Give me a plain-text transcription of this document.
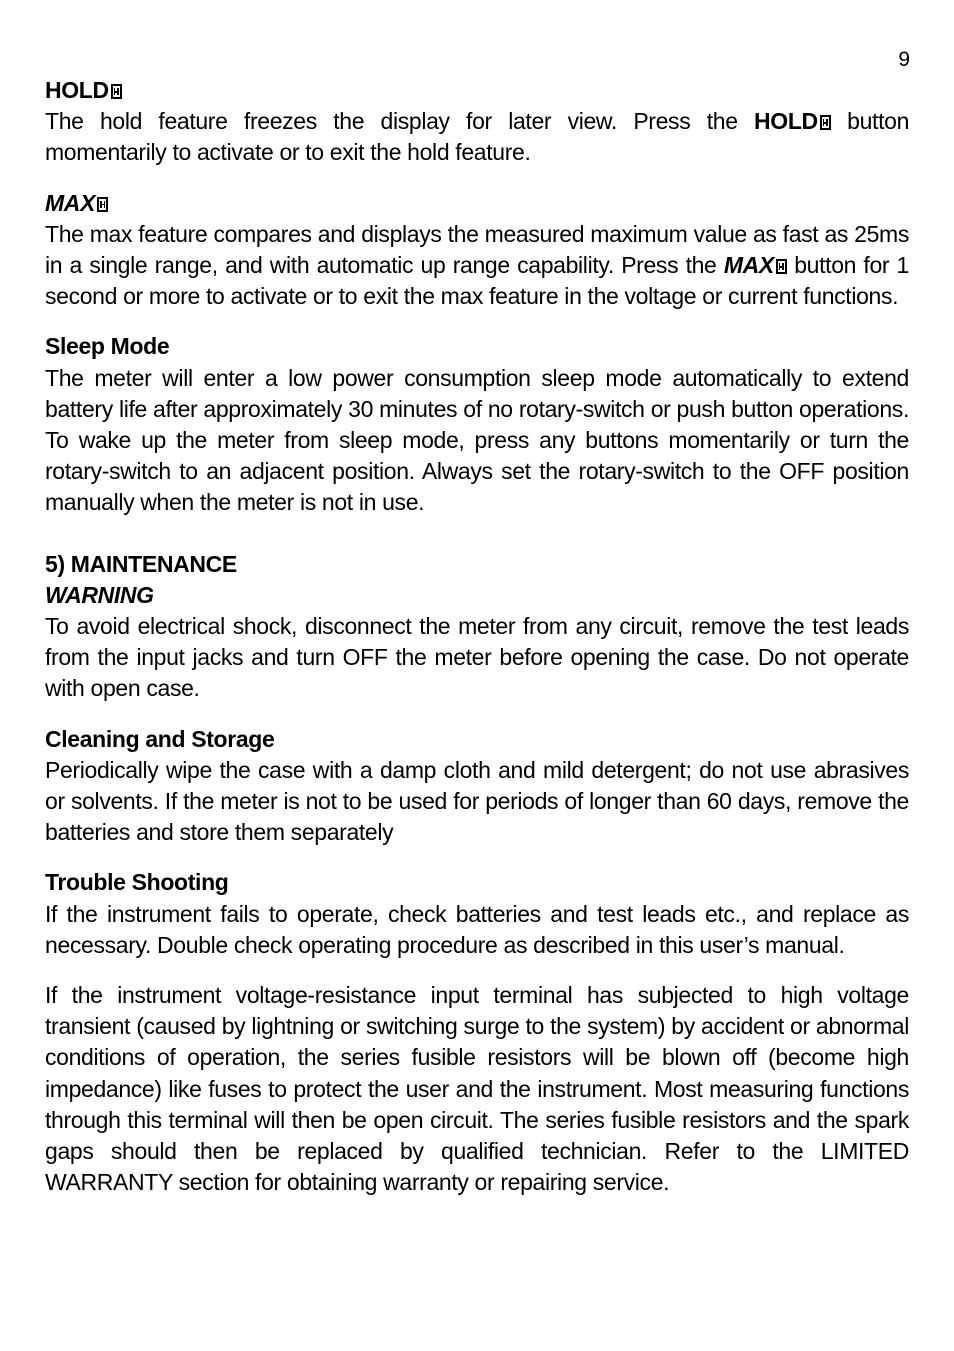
9

HOLD

The hold feature freezes the display for later view. Press the HOLD
button momentarily to activate or to exit the hold feature.

MAX

The max feature compares and displays the measured maximum value as fast as 25ms in a single range, and with automatic up range capability. Press the MAX
button for 1 second or more to activate or to exit the max feature in the voltage or current functions.

Sleep Mode

The meter will enter a low power consumption sleep mode automatically to extend battery life after approximately 30 minutes of no rotary-switch or push button operations. To wake up the meter from sleep mode, press any buttons momentarily or turn the rotary-switch to an adjacent position. Always set the rotary-switch to the OFF position manually when the meter is not in use.

5) MAINTENANCE

WARNING

To avoid electrical shock, disconnect the meter from any circuit, remove the test leads from the input jacks and turn OFF the meter before opening the case. Do not operate with open case.

Cleaning and Storage

Periodically wipe the case with a damp cloth and mild detergent; do not use abrasives or solvents. If the meter is not to be used for periods of longer than 60 days, remove the batteries and store them separately

Trouble Shooting

If the instrument fails to operate, check batteries and test leads etc., and replace as necessary. Double check operating procedure as described in this user’s manual.

If the instrument voltage-resistance input terminal has subjected to high voltage transient (caused by lightning or switching surge to the system) by accident or abnormal conditions of operation, the series fusible resistors will be blown off (become high impedance) like fuses to protect the user and the instrument. Most measuring functions through this terminal will then be open circuit. The series fusible resistors and the spark gaps should then be replaced by qualified technician. Refer to the LIMITED WARRANTY section for obtaining warranty or repairing service.
